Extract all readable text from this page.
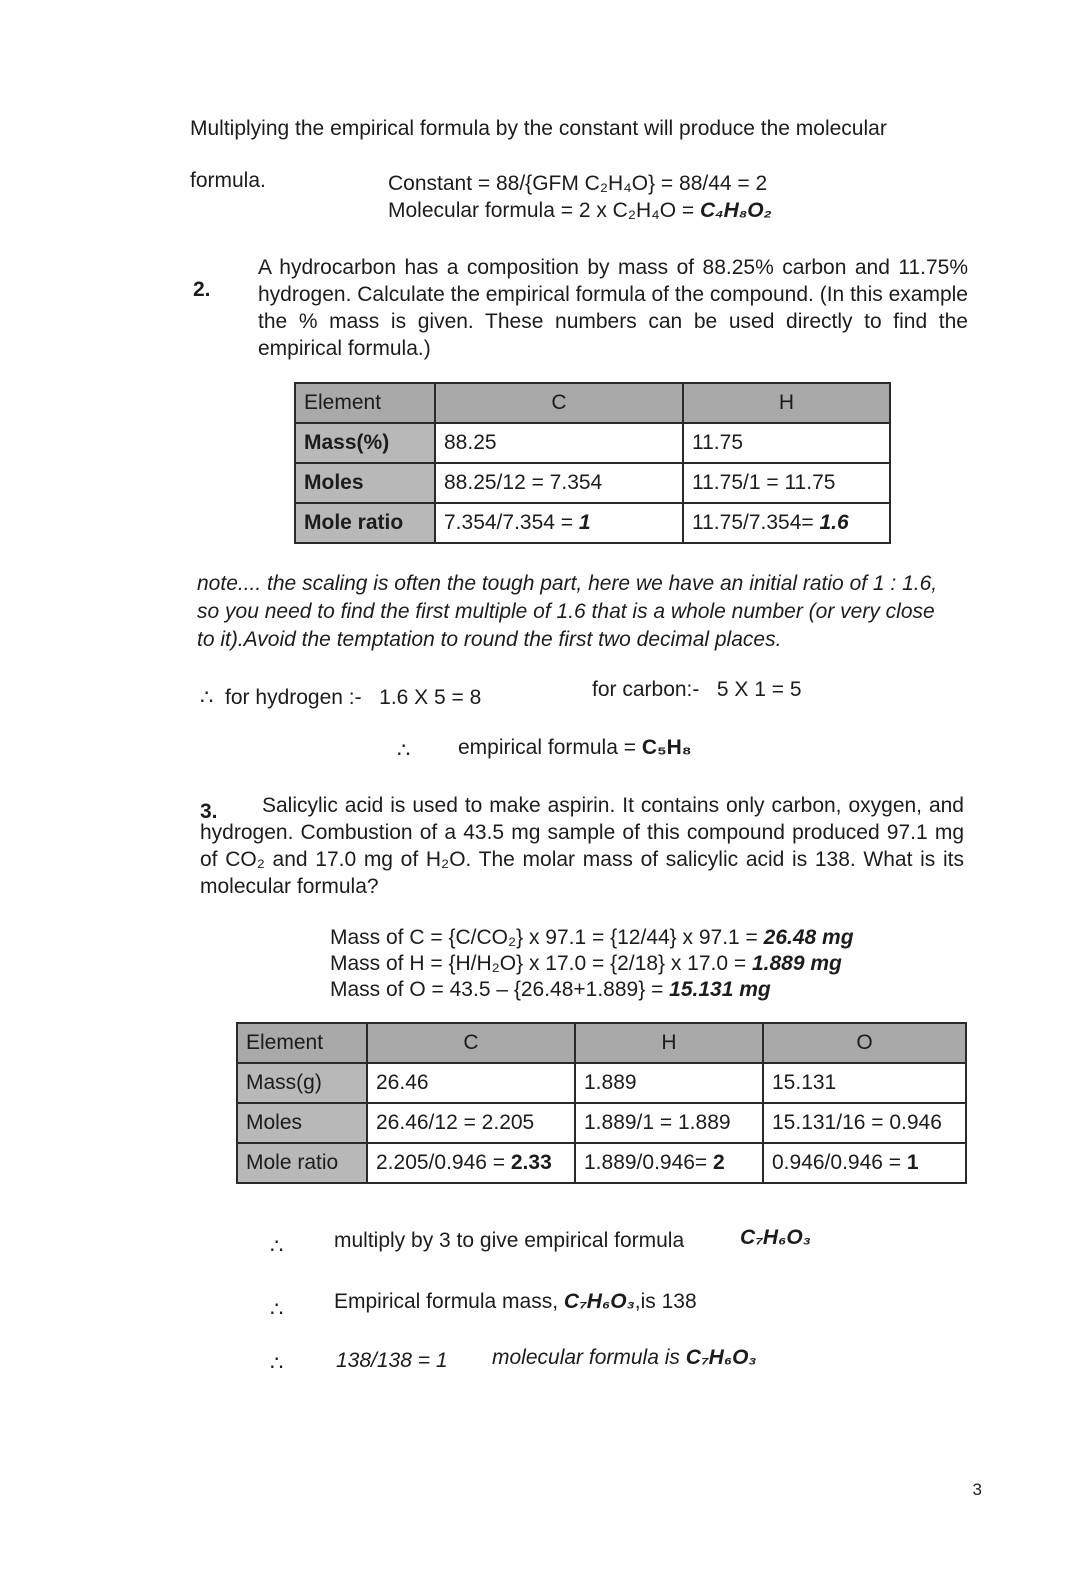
Multiplying the empirical formula by the constant will produce the molecular
formula.	Constant = 88/{GFM C₂H₄O} = 88/44 = 2
Molecular formula = 2 x C₂H₄O = C₄H₈O₂
2.
A hydrocarbon has a composition by mass of 88.25% carbon and 11.75% hydrogen. Calculate the empirical formula of the compound. (In this example the % mass is given. These numbers can be used directly to find the empirical formula.)
Element	C	H
Mass(%)	88.25	11.75
Moles	88.25/12 = 7.354	11.75/1 = 11.75
Mole ratio	7.354/7.354 = 1	11.75/7.354= 1.6
note.... the scaling is often the tough part, here we have an initial ratio of 1 : 1.6, so you need to find the first multiple of 1.6 that is a whole number (or very close to it).Avoid the temptation to round the first two decimal places.
∴ for hydrogen :- 1.6 X 5 = 8	for carbon:- 5 X 1 = 5
∴ empirical formula = C₅H₈
3.	Salicylic acid is used to make aspirin. It contains only carbon, oxygen, and hydrogen. Combustion of a 43.5 mg sample of this compound produced 97.1 mg of CO₂ and 17.0 mg of H₂O. The molar mass of salicylic acid is 138. What is its molecular formula?
Mass of C = {C/CO₂} x 97.1 = {12/44} x 97.1 = 26.48 mg
Mass of H = {H/H₂O} x 17.0 = {2/18} x 17.0 = 1.889 mg
Mass of O = 43.5 – {26.48+1.889} = 15.131 mg
Element	C	H	O
Mass(g)	26.46	1.889	15.131
Moles	26.46/12 = 2.205	1.889/1 = 1.889	15.131/16 = 0.946
Mole ratio	2.205/0.946 = 2.33	1.889/0.946= 2	0.946/0.946 = 1
∴ multiply by 3 to give empirical formula	C₇H₆O₃
∴ Empirical formula mass, C₇H₆O₃,is 138
∴	138/138 = 1 molecular formula is C₇H₆O₃
3
